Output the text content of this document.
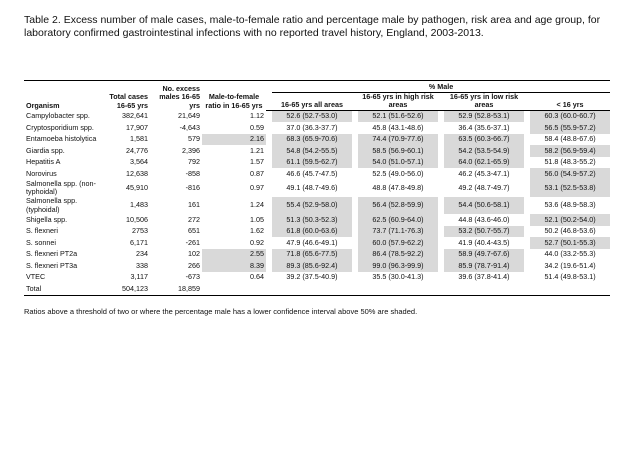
Table 2. Excess number of male cases, male-to-female ratio and percentage male by pathogen, risk area and age group, for laboratory confirmed gastrointestinal infections with no reported travel history, England, 2003-2013.
Organism	Total cases 16-65 yrs	No. excess males 16-65 yrs	Male-to-female ratio in 16-65 yrs		% Male						
					16-65 yrs all areas		16-65 yrs in high risk areas		16-65 yrs in low risk areas		< 16 yrs
Campylobacter spp.	382,641	21,649	1.12		52.6 (52.7-53.0)		52.1 (51.6-52.6)		52.9 (52.8-53.1)		60.3 (60.0-60.7)
Cryptosporidium spp.	17,907	-4,643	0.59		37.0 (36.3-37.7)		45.8 (43.1-48.6)		36.4 (35.6-37.1)		56.5 (55.9-57.2)
Entamoeba histolytica	1,581	579	2.16		68.3 (65.9-70.6)		74.4 (70.9-77.6)		63.5 (60.3-66.7)		58.4 (48.8-67.6)
Giardia spp.	24,776	2,396	1.21		54.8 (54.2-55.5)		58.5 (56.9-60.1)		54.2 (53.5-54.9)		58.2 (56.9-59.4)
Hepatitis A	3,564	792	1.57		61.1 (59.5-62.7)		54.0 (51.0-57.1)		64.0 (62.1-65.9)		51.8 (48.3-55.2)
Norovirus	12,638	-858	0.87		46.6 (45.7-47.5)		52.5 (49.0-56.0)		46.2 (45.3-47.1)		56.0 (54.9-57.2)
Salmonella spp. (non-typhoidal)	45,910	-816	0.97		49.1 (48.7-49.6)		48.8 (47.8-49.8)		49.2 (48.7-49.7)		53.1 (52.5-53.8)
Salmonella spp. (typhoidal)	1,483	161	1.24		55.4 (52.9-58.0)		56.4 (52.8-59.9)		54.4 (50.6-58.1)		53.6 (48.9-58.3)
Shigella spp.	10,506	272	1.05		51.3 (50.3-52.3)		62.5 (60.9-64.0)		44.8 (43.6-46.0)		52.1 (50.2-54.0)
S. flexneri	2753	651	1.62		61.8 (60.0-63.6)		73.7 (71.1-76.3)		53.2 (50.7-55.7)		50.2 (46.8-53.6)
S. sonnei	6,171	-261	0.92		47.9 (46.6-49.1)		60.0 (57.9-62.2)		41.9 (40.4-43.5)		52.7 (50.1-55.3)
S. flexneri PT2a	234	102	2.55		71.8 (65.6-77.5)		86.4 (78.5-92.2)		58.9 (49.7-67.6)		44.0 (33.2-55.3)
S. flexneri PT3a	338	266	8.39		89.3 (85.6-92.4)		99.0 (96.3-99.9)		85.9 (78.7-91.4)		34.2 (19.6-51.4)
VTEC	3,117	-673	0.64		39.2 (37.5-40.9)		35.5 (30.0-41.3)		39.6 (37.8-41.4)		51.4 (49.8-53.1)
Total	504,123	18,859									
Ratios above a threshold of two or where the percentage male has a lower confidence interval above 50% are shaded.
